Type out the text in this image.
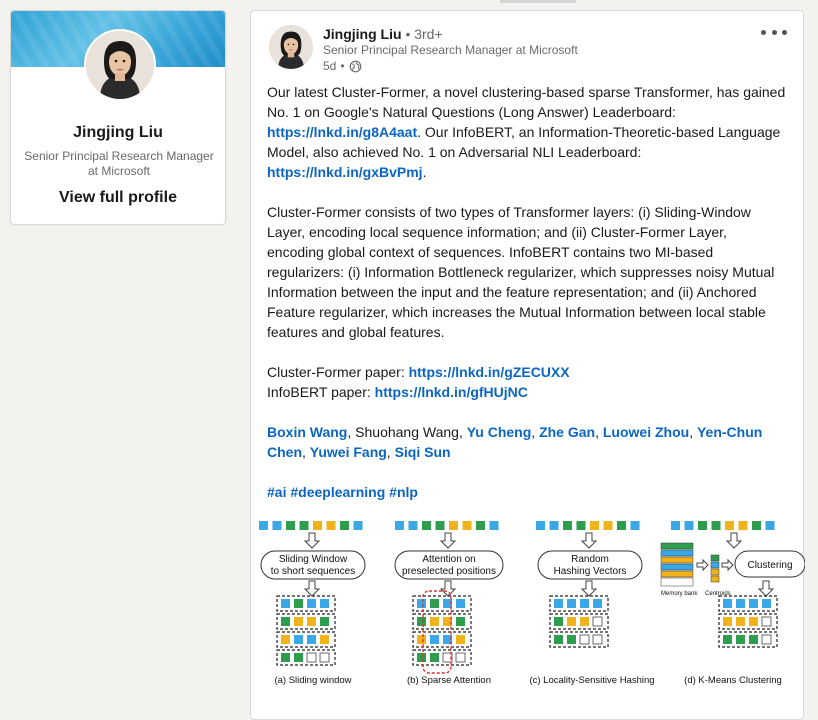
Jingjing Liu
Senior Principal Research Manager
at Microsoft
View full profile
Jingjing Liu • 3rd+
Senior Principal Research Manager at Microsoft
5d •

Our latest Cluster-Former, a novel clustering-based sparse Transformer, has gained No. 1 on Google's Natural Questions (Long Answer) Leaderboard: https://lnkd.in/g8A4aat. Our InfoBERT, an Information-Theoretic-based Language Model, also achieved No. 1 on Adversarial NLI Leaderboard: https://lnkd.in/gxBvPmj.

Cluster-Former consists of two types of Transformer layers: (i) Sliding-Window Layer, encoding local sequence information; and (ii) Cluster-Former Layer, encoding global context of sequences. InfoBERT contains two MI-based regularizers: (i) Information Bottleneck regularizer, which suppresses noisy Mutual Information between the input and the feature representation; and (ii) Anchored Feature regularizer, which increases the Mutual Information between local stable features and global features.

Cluster-Former paper: https://lnkd.in/gZECUXX

InfoBERT paper: https://lnkd.in/gfHUjNC

Boxin Wang, Shuohang Wang, Yu Cheng, Zhe Gan, Luowei Zhou, Yen-Chun Chen, Yuwei Fang, Siqi Sun

#ai #deeplearning #nlp

Sliding Window
to short sequences
(a) Sliding window
Attention on
preselected positions
(b) Sparse Attention
Random
Hashing Vectors
(c) Locality-Sensitive Hashing
Clustering
Memory bank Centroids
(d) K-Means Clustering
